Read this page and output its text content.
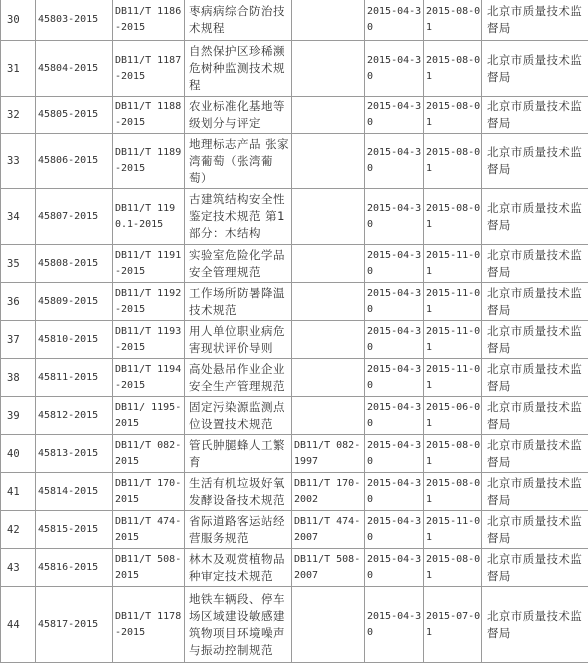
30	45803-2015	DB11/T 1186-2015	枣病病综合防治技术规程		2015-04-30	2015-08-01	北京市质量技术监督局

31	45804-2015	DB11/T 1187-2015	自然保护区珍稀濒危树种监测技术规程		2015-04-30	2015-08-01	北京市质量技术监督局

32	45805-2015	DB11/T 1188-2015	农业标准化基地等级划分与评定		2015-04-30	2015-08-01	北京市质量技术监督局

33	45806-2015	DB11/T 1189-2015	地理标志产品 张家湾葡萄（张湾葡萄）		2015-04-30	2015-08-01	北京市质量技术监督局

34	45807-2015	DB11/T 1190.1-2015	古建筑结构安全性鉴定技术规范 第1部分：木结构		2015-04-30	2015-08-01	北京市质量技术监督局

35	45808-2015	DB11/T 1191-2015	实验室危险化学品安全管理规范		2015-04-30	2015-11-01	北京市质量技术监督局

36	45809-2015	DB11/T 1192-2015	工作场所防暑降温技术规范		2015-04-30	2015-11-01	北京市质量技术监督局

37	45810-2015	DB11/T 1193-2015	用人单位职业病危害现状评价导则		2015-04-30	2015-11-01	北京市质量技术监督局

38	45811-2015	DB11/T 1194-2015	高处悬吊作业企业安全生产管理规范		2015-04-30	2015-11-01	北京市质量技术监督局

39	45812-2015	DB11/ 1195-2015	固定污染源监测点位设置技术规范		2015-04-30	2015-06-01	北京市质量技术监督局

40	45813-2015	DB11/T 082-2015	管氏肿腿蜂人工繁育	DB11/T 082-1997	2015-04-30	2015-08-01	北京市质量技术监督局

41	45814-2015	DB11/T 170-2015	生活有机垃圾好氧发酵设备技术规范	DB11/T 170-2002	2015-04-30	2015-08-01	北京市质量技术监督局

42	45815-2015	DB11/T 474-2015	省际道路客运站经营服务规范	DB11/T 474-2007	2015-04-30	2015-11-01	北京市质量技术监督局

43	45816-2015	DB11/T 508-2015	林木及观赏植物品种审定技术规范	DB11/T 508-2007	2015-04-30	2015-08-01	北京市质量技术监督局

44	45817-2015	DB11/T 1178-2015	地铁车辆段、停车场区域建设敏感建筑物项目环境噪声与振动控制规范		2015-04-30	2015-07-01	北京市质量技术监督局
